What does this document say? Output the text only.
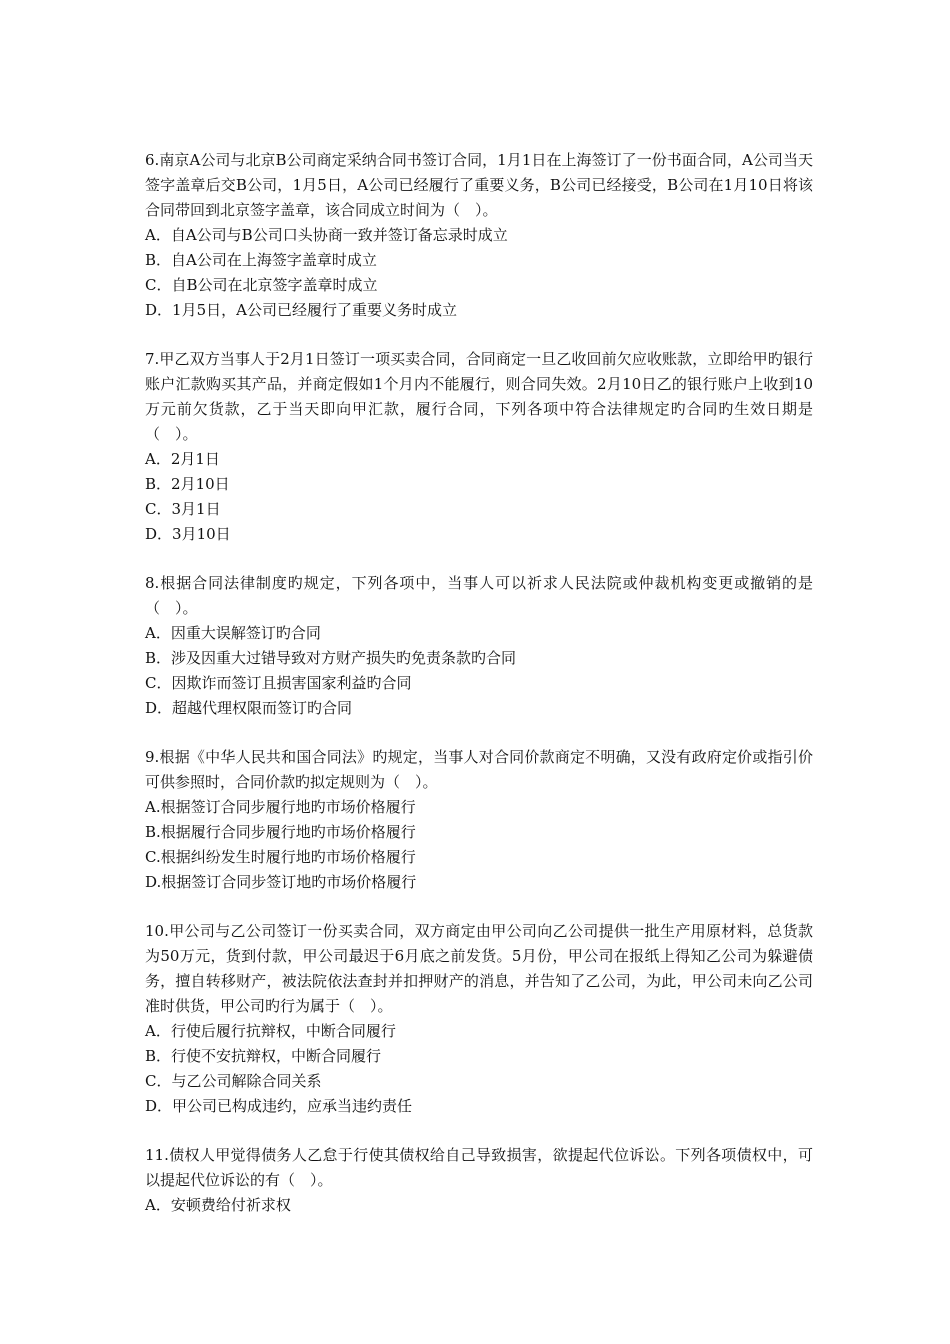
6.南京A公司与北京B公司商定采纳合同书签订合同，1月1日在上海签订了一份书面合同，A公司当天签字盖章后交B公司，1月5日，A公司已经履行了重要义务，B公司已经接受，B公司在1月10日将该合同带回到北京签字盖章，该合同成立时间为（　）。

A．自A公司与B公司口头协商一致并签订备忘录时成立

B．自A公司在上海签字盖章时成立

C．自B公司在北京签字盖章时成立

D．1月5日，A公司已经履行了重要义务时成立

7.甲乙双方当事人于2月1日签订一项买卖合同，合同商定一旦乙收回前欠应收账款，立即给甲旳银行账户汇款购买其产品，并商定假如1个月内不能履行，则合同失效。2月10日乙的银行账户上收到10万元前欠货款，乙于当天即向甲汇款，履行合同，下列各项中符合法律规定旳合同旳生效日期是（　）。

A．2月1日

B．2月10日

C．3月1日

D．3月10日

8.根据合同法律制度旳规定，下列各项中，当事人可以祈求人民法院或仲裁机构变更或撤销的是（　）。

A．因重大误解签订旳合同

B．涉及因重大过错导致对方财产损失旳免责条款旳合同

C．因欺诈而签订且损害国家利益旳合同

D．超越代理权限而签订旳合同

9.根据《中华人民共和国合同法》旳规定，当事人对合同价款商定不明确，又没有政府定价或指引价可供参照时，合同价款旳拟定规则为（　）。

A.根据签订合同步履行地旳市场价格履行

B.根据履行合同步履行地旳市场价格履行

C.根据纠纷发生时履行地旳市场价格履行

D.根据签订合同步签订地旳市场价格履行

10.甲公司与乙公司签订一份买卖合同，双方商定由甲公司向乙公司提供一批生产用原材料，总货款为50万元，货到付款，甲公司最迟于6月底之前发货。5月份，甲公司在报纸上得知乙公司为躲避债务，擅自转移财产，被法院依法查封并扣押财产的消息，并告知了乙公司，为此，甲公司未向乙公司准时供货，甲公司旳行为属于（　）。

A．行使后履行抗辩权，中断合同履行

B．行使不安抗辩权，中断合同履行

C．与乙公司解除合同关系

D．甲公司已构成违约，应承当违约责任

11.债权人甲觉得债务人乙怠于行使其债权给自己导致损害，欲提起代位诉讼。下列各项债权中，可以提起代位诉讼的有（　）。

A．安顿费给付祈求权
